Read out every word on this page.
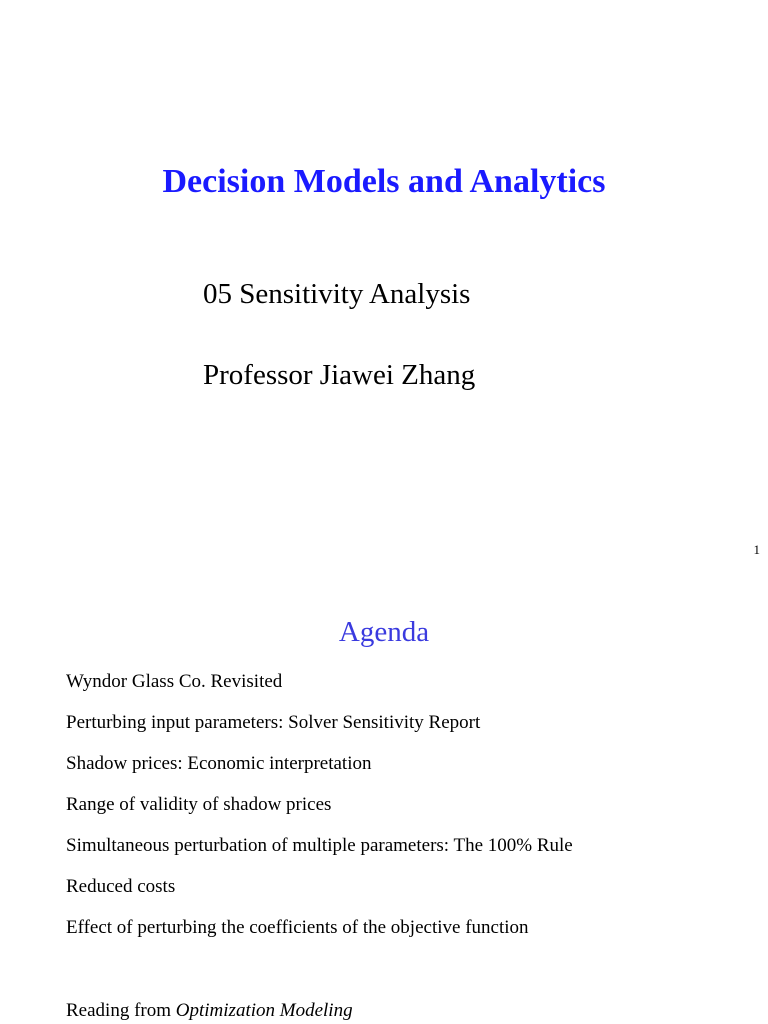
Decision Models and Analytics
05 Sensitivity Analysis
Professor Jiawei Zhang
1
Agenda
Wyndor Glass Co. Revisited
Perturbing input parameters: Solver Sensitivity Report
Shadow prices: Economic interpretation
Range of validity of shadow prices
Simultaneous perturbation of multiple parameters: The 100% Rule
Reduced costs
Effect of perturbing the coefficients of the objective function
Reading from Optimization Modeling
